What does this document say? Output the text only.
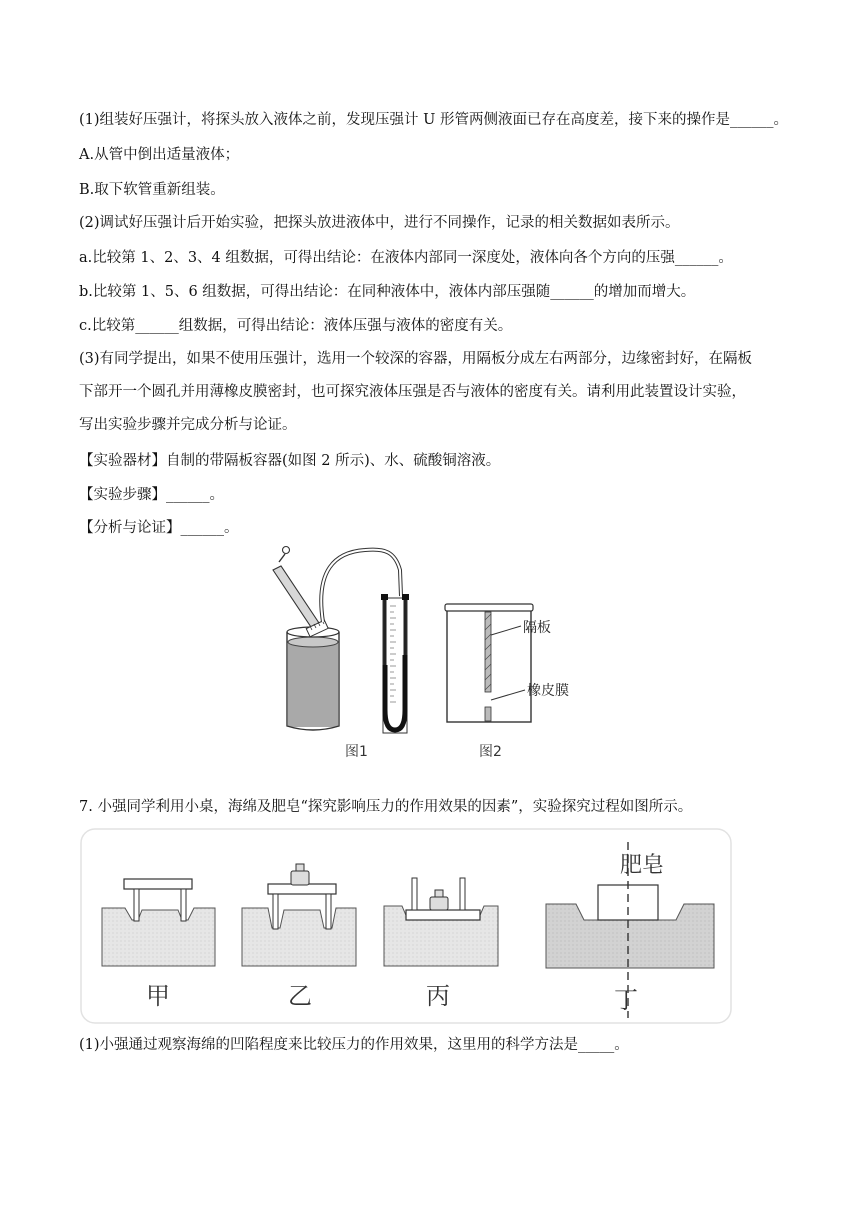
(1)组装好压强计，将探头放入液体之前，发现压强计 U 形管两侧液面已存在高度差，接下来的操作是______。
A.从管中倒出适量液体；
B.取下软管重新组装。
(2)调试好压强计后开始实验，把探头放进液体中，进行不同操作，记录的相关数据如表所示。
a.比较第 1、2、3、4 组数据，可得出结论：在液体内部同一深度处，液体向各个方向的压强______。
b.比较第 1、5、6 组数据，可得出结论：在同种液体中，液体内部压强随______的增加而增大。
c.比较第______组数据，可得出结论：液体压强与液体的密度有关。
(3)有同学提出，如果不使用压强计，选用一个较深的容器，用隔板分成左右两部分，边缘密封好，在隔板
下部开一个圆孔并用薄橡皮膜密封，也可探究液体压强是否与液体的密度有关。请利用此装置设计实验，
写出实验步骤并完成分析与论证。
【实验器材】自制的带隔板容器(如图 2 所示)、水、硫酸铜溶液。
【实验步骤】______。
【分析与论证】______。
隔板
橡皮膜
图1	图2
7. 小强同学利用小桌，海绵及肥皂“探究影响压力的作用效果的因素”，实验探究过程如图所示。
肥皂
甲	乙	丙	丁
(1)小强通过观察海绵的凹陷程度来比较压力的作用效果，这里用的科学方法是_____。
